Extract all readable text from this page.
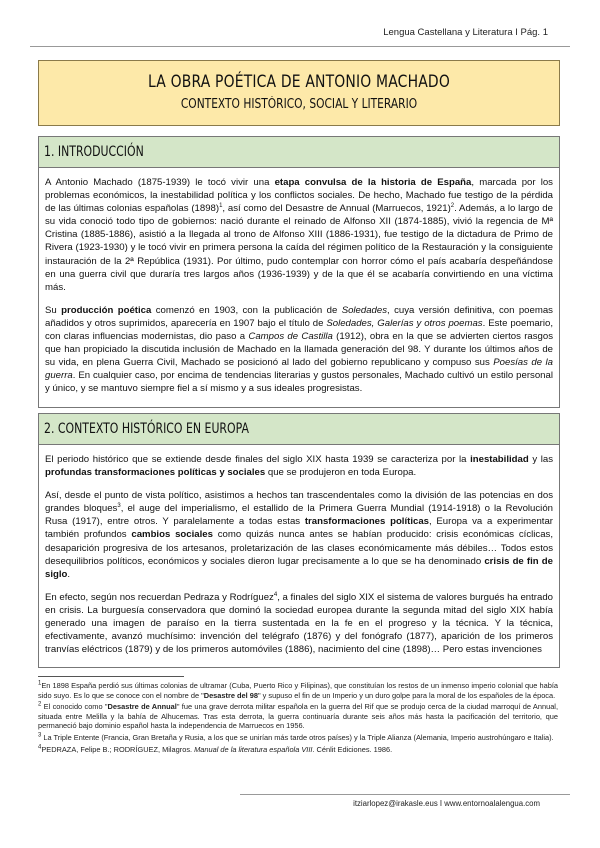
Lengua Castellana y Literatura I Pág. 1
LA OBRA POÉTICA DE ANTONIO MACHADO
CONTEXTO HISTÓRICO, SOCIAL Y LITERARIO
1. INTRODUCCIÓN

A Antonio Machado (1875-1939) le tocó vivir una etapa convulsa de la historia de España, marcada por los problemas económicos, la inestabilidad política y los conflictos sociales. De hecho, Machado fue testigo de la pérdida de las últimas colonias españolas $(1898)^1$, así como del Desastre de Annual (Marruecos, 1921)$^2$. Además, a lo largo de su vida conoció todo tipo de gobiernos: nació durante el reinado de Alfonso XII (1874-1885), vivió la regencia de Mª Cristina (1885-1886), asistió a la llegada al trono de Alfonso XIII (1886-1931), fue testigo de la dictadura de Primo de Rivera (1923-1930) y le tocó vivir en primera persona la caída del régimen político de la Restauración y la consiguiente instauración de la 2ª República (1931). Por último, pudo contemplar con horror cómo el país acabaría despeñándose en una guerra civil que duraría tres largos años (1936-1939) y de la que él se acabaría convirtiendo en una víctima más.

Su producción poética comenzó en 1903, con la publicación de Soledades, cuya versión definitiva, con poemas añadidos y otros suprimidos, aparecería en 1907 bajo el título de Soledades, Galerías y otros poemas. Este poemario, con claras influencias modernistas, dio paso a Campos de Castilla (1912), obra en la que se advierten ciertos rasgos que han propiciado la discutida inclusión de Machado en la llamada generación del 98. Y durante los últimos años de su vida, en plena Guerra Civil, Machado se posicionó al lado del gobierno republicano y compuso sus Poesías de la guerra. En cualquier caso, por encima de tendencias literarias y gustos personales, Machado cultivó un estilo personal y único, y se mantuvo siempre fiel a sí mismo y a sus ideales progresistas.

2. CONTEXTO HISTÓRICO EN EUROPA

El periodo histórico que se extiende desde finales del siglo XIX hasta 1939 se caracteriza por la inestabilidad y las profundas transformaciones políticas y sociales que se produjeron en toda Europa.

Así, desde el punto de vista político, asistimos a hechos tan trascendentales como la división de las potencias en dos grandes bloques$^3$, el auge del imperialismo, el estallido de la Primera Guerra Mundial (1914-1918) o la Revolución Rusa (1917), entre otros. Y paralelamente a todas estas transformaciones políticas, Europa va a experimentar también profundos cambios sociales como quizás nunca antes se habían producido: crisis económicas cíclicas, desaparición progresiva de los artesanos, proletarización de las clases económicamente más débiles… Todos estos desequilibrios políticos, económicos y sociales dieron lugar precisamente a lo que se ha denominado crisis de fin de siglo.

En efecto, según nos recuerdan Pedraza y Rodríguez$^4$, a finales del siglo XIX el sistema de valores burgués ha entrado en crisis. La burguesía conservadora que dominó la sociedad europea durante la segunda mitad del siglo XIX había generado una imagen de paraíso en la tierra sustentada en la fe en el progreso y la técnica. Y la técnica, efectivamente, avanzó muchísimo: invención del telégrafo (1876) y del fonógrafo (1877), aparición de los primeros tranvías eléctricos (1879) y de los primeros automóviles (1886), nacimiento del cine (1898)… Pero estas invenciones

$^1$En 1898 España perdió sus últimas colonias de ultramar (Cuba, Puerto Rico y Filipinas), que constituían los restos de un inmenso imperio colonial que había sido suyo. Es lo que se conoce con el nombre de "Desastre del 98" y supuso el fin de un Imperio y un duro golpe para la moral de los españoles de la época.
$^2$ El conocido como "Desastre de Annual" fue una grave derrota militar española en la guerra del Rif que se produjo cerca de la ciudad marroquí de Annual, situada entre Melilla y la bahía de Alhucemas. Tras esta derrota, la guerra continuaría durante seis años más hasta la pacificación del territorio, que permaneció bajo dominio español hasta la independencia de Marruecos en 1956.
$^3$ La Triple Entente (Francia, Gran Bretaña y Rusia, a los que se unirían más tarde otros países) y la Triple Alianza (Alemania, Imperio austrohúngaro e Italia).
$^4$PEDRAZA, Felipe B.; RODRÍGUEZ, Milagros. Manual de la literatura española VIII. Cénlit Ediciones. 1986.
itziarlopez@irakasle.eus I www.entornoalalengua.com
